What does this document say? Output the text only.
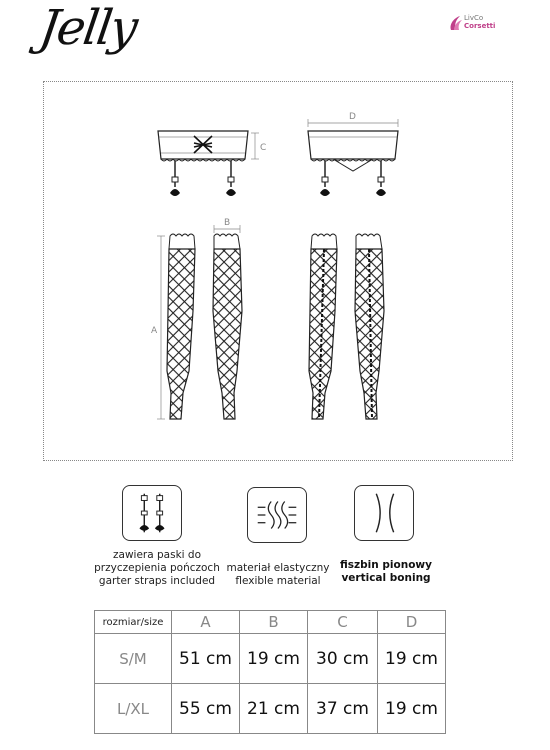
Jelly	LivCo
Corsetti
C
D
A
B
zawiera paski do
przyczepienia pończoch
garter straps included
materiał elastyczny
flexible material
fiszbin pionowy
vertical boning
rozmiar/size	A	B	C	D
S/M	51 cm	19 cm	30 cm	19 cm
L/XL	55 cm	21 cm	37 cm	19 cm
